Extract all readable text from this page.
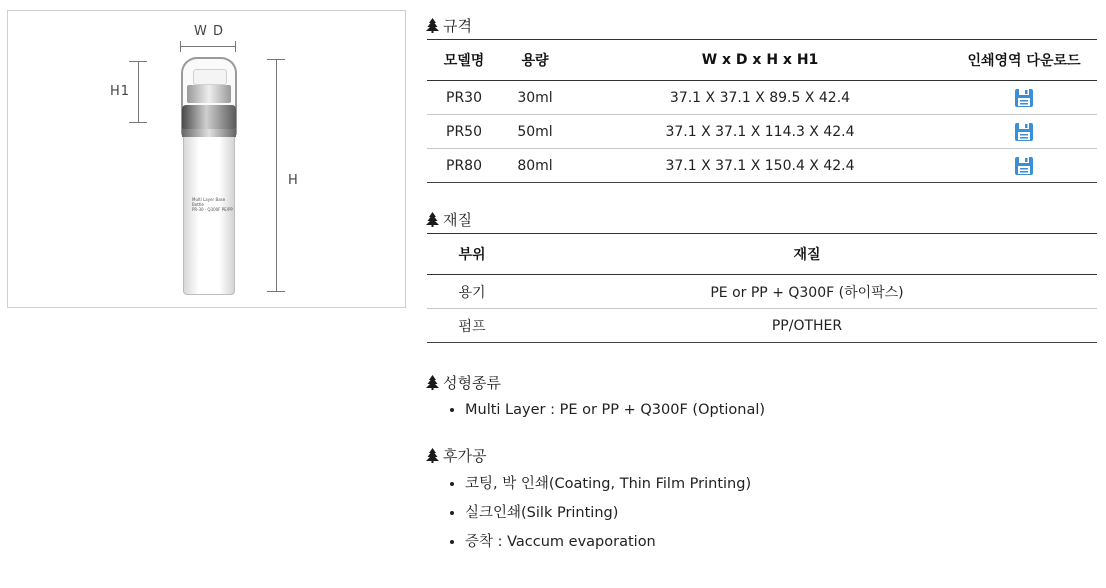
W D
H1
H
Multi Layer Base Bottle
PR-30 · Q300F PE/PP
규격
모델명	용량	W x D x H x H1	인쇄영역 다운로드
PR30	30ml	37.1 X 37.1 X 89.5 X 42.4	
PR50	50ml	37.1 X 37.1 X 114.3 X 42.4	
PR80	80ml	37.1 X 37.1 X 150.4 X 42.4	
재질
부위	재질
용기	PE or PP + Q300F (하이팍스)
펌프	PP/OTHER
성형종류
• Multi Layer : PE or PP + Q300F (Optional)
후가공
• 코팅, 박 인쇄(Coating, Thin Film Printing)
• 실크인쇄(Silk Printing)
• 증착 : Vaccum evaporation
